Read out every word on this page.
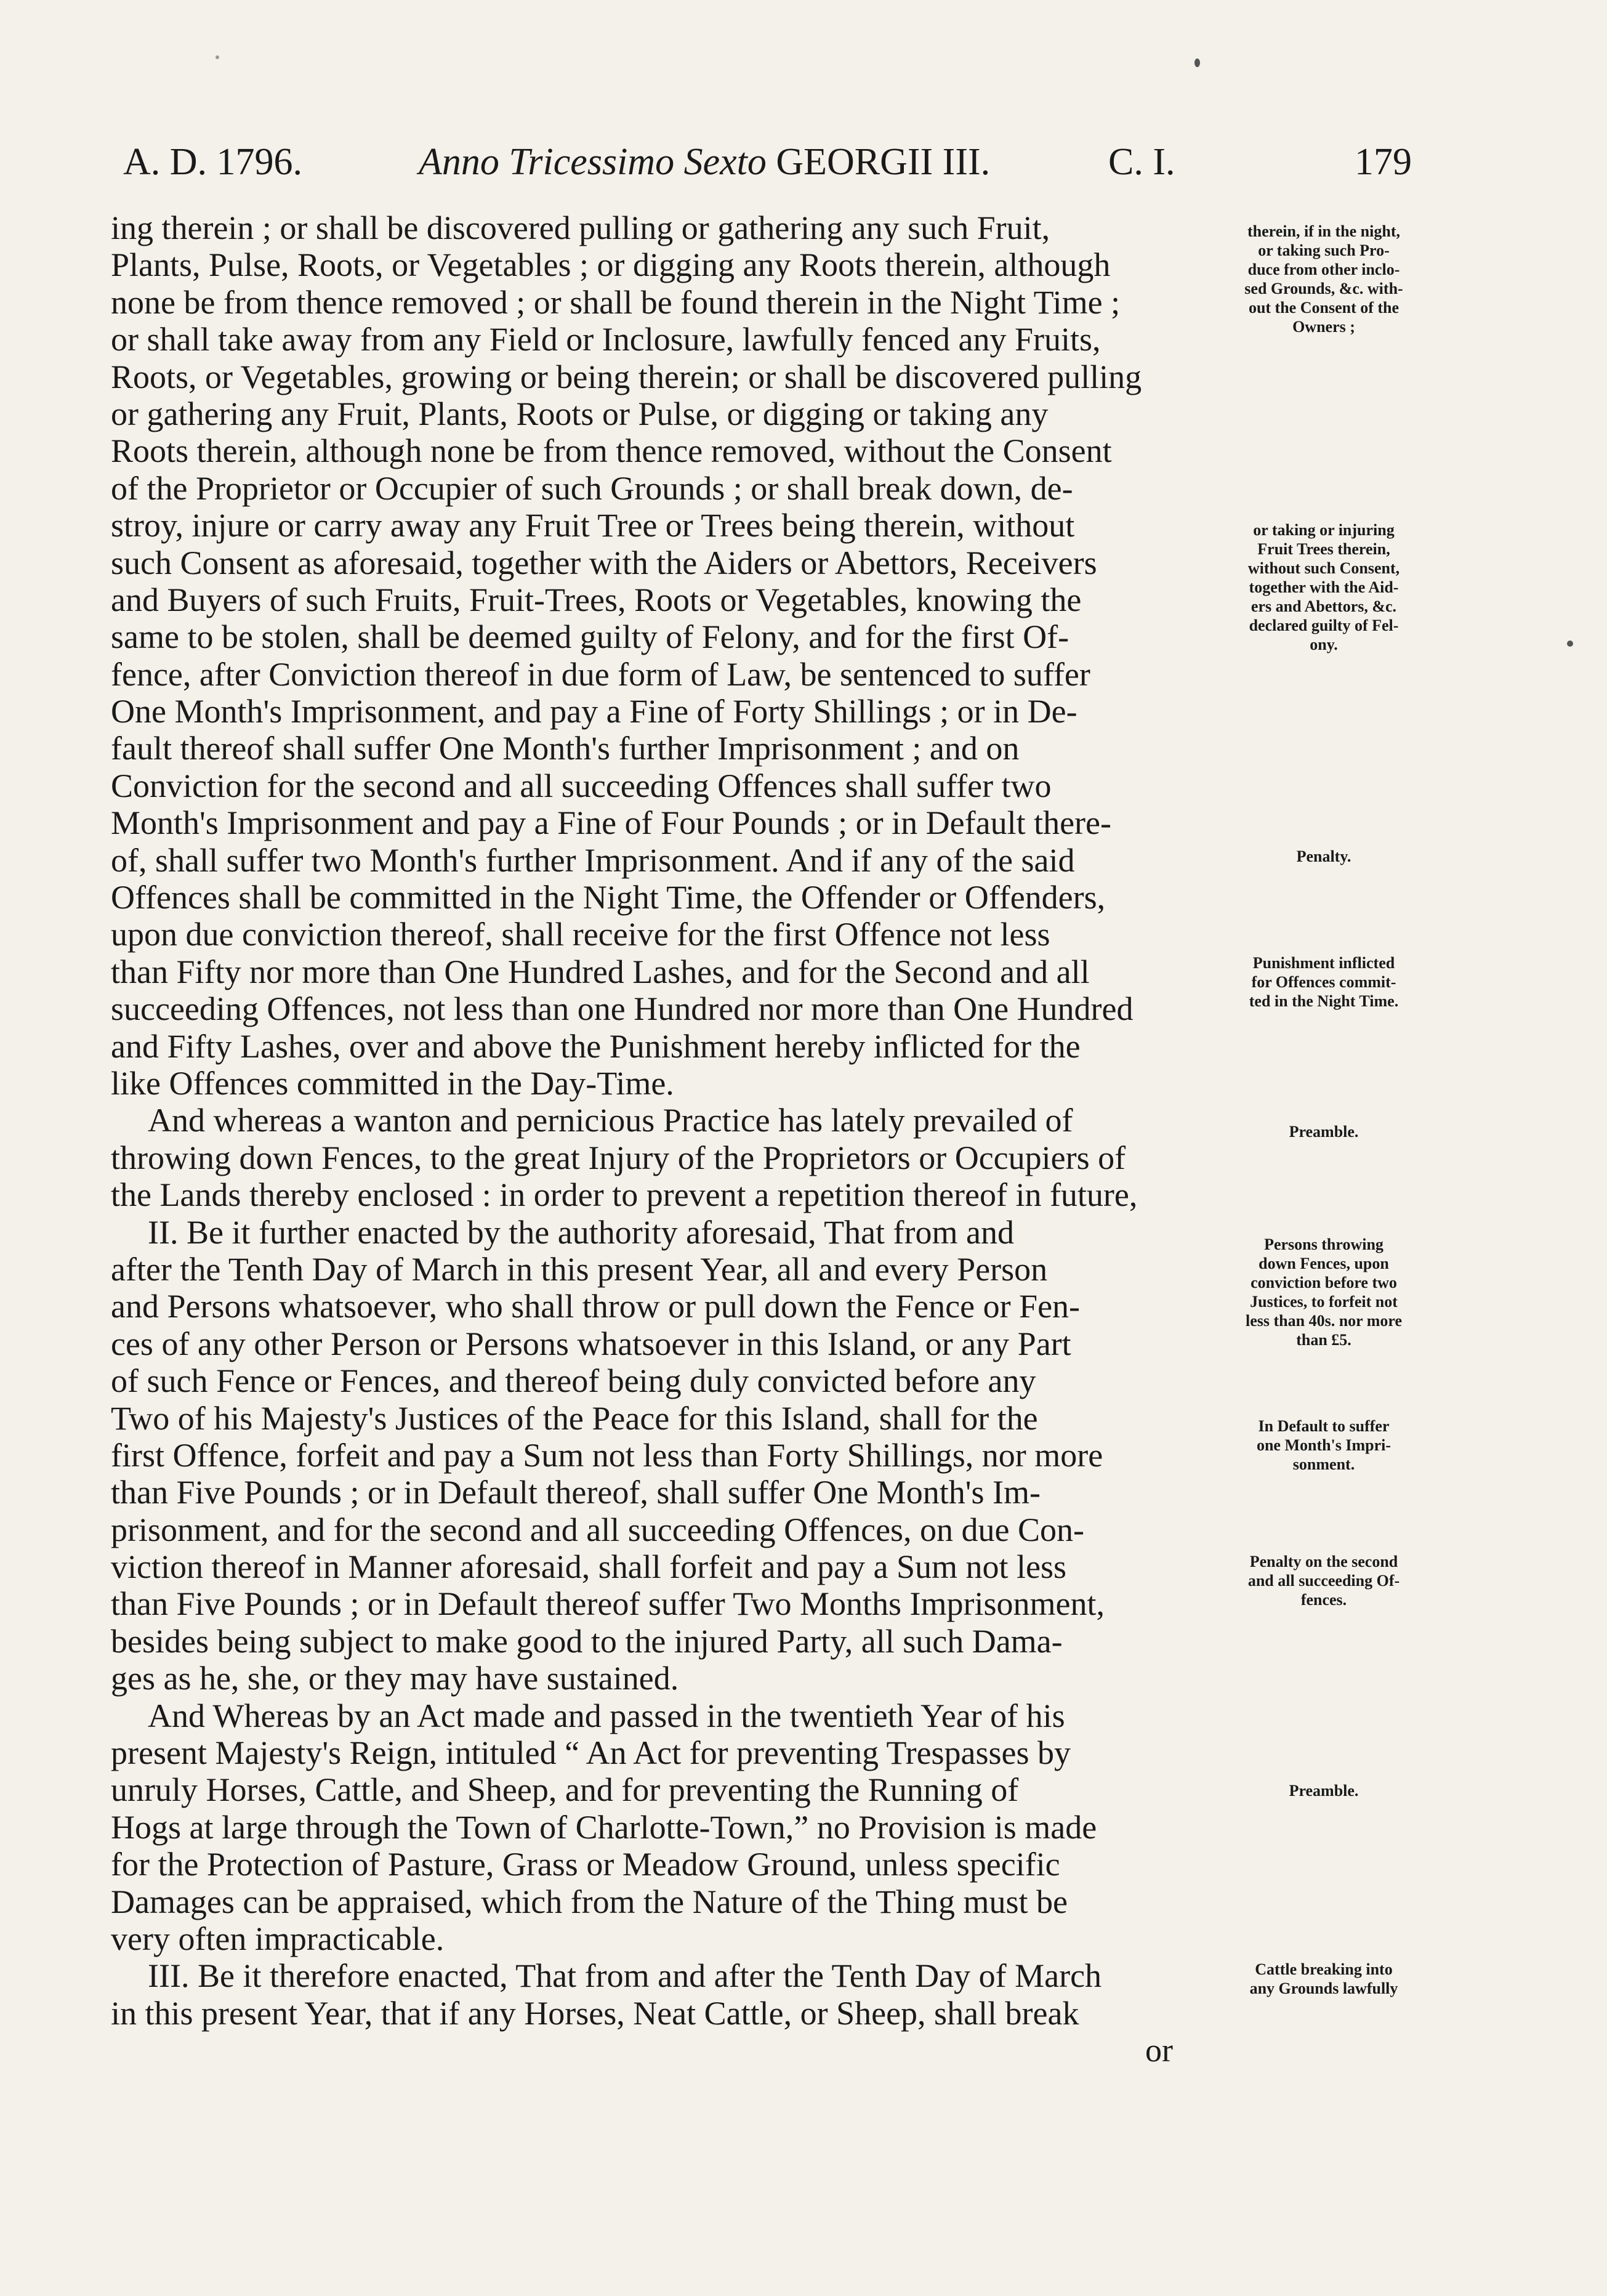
A. D. 1796.	Anno Tricessimo Sexto GEORGII III.	C. I.	179
ing therein ; or shall be discovered pulling or gathering any such Fruit,
Plants, Pulse, Roots, or Vegetables ; or digging any Roots therein, although
none be from thence removed ; or shall be found therein in the Night Time ;
or shall take away from any Field or Inclosure, lawfully fenced any Fruits,
Roots, or Vegetables, growing or being therein; or shall be discovered pulling
or gathering any Fruit, Plants, Roots or Pulse, or digging or taking any
Roots therein, although none be from thence removed, without the Consent
of the Proprietor or Occupier of such Grounds ; or shall break down, de-
stroy, injure or carry away any Fruit Tree or Trees being therein, without
such Consent as aforesaid, together with the Aiders or Abettors, Receivers
and Buyers of such Fruits, Fruit-Trees, Roots or Vegetables, knowing the
same to be stolen, shall be deemed guilty of Felony, and for the first Of-
fence, after Conviction thereof in due form of Law, be sentenced to suffer
One Month's Imprisonment, and pay a Fine of Forty Shillings ; or in De-
fault thereof shall suffer One Month's further Imprisonment ; and on
Conviction for the second and all succeeding Offences shall suffer two
Month's Imprisonment and pay a Fine of Four Pounds ; or in Default there-
of, shall suffer two Month's further Imprisonment. And if any of the said
Offences shall be committed in the Night Time, the Offender or Offenders,
upon due conviction thereof, shall receive for the first Offence not less
than Fifty nor more than One Hundred Lashes, and for the Second and all
succeeding Offences, not less than one Hundred nor more than One Hundred
and Fifty Lashes, over and above the Punishment hereby inflicted for the
like Offences committed in the Day-Time.
And whereas a wanton and pernicious Practice has lately prevailed of
throwing down Fences, to the great Injury of the Proprietors or Occupiers of
the Lands thereby enclosed : in order to prevent a repetition thereof in future,
II. Be it further enacted by the authority aforesaid, That from and
after the Tenth Day of March in this present Year, all and every Person
and Persons whatsoever, who shall throw or pull down the Fence or Fen-
ces of any other Person or Persons whatsoever in this Island, or any Part
of such Fence or Fences, and thereof being duly convicted before any
Two of his Majesty's Justices of the Peace for this Island, shall for the
first Offence, forfeit and pay a Sum not less than Forty Shillings, nor more
than Five Pounds ; or in Default thereof, shall suffer One Month's Im-
prisonment, and for the second and all succeeding Offences, on due Con-
viction thereof in Manner aforesaid, shall forfeit and pay a Sum not less
than Five Pounds ; or in Default thereof suffer Two Months Imprisonment,
besides being subject to make good to the injured Party, all such Dama-
ges as he, she, or they may have sustained.
And Whereas by an Act made and passed in the twentieth Year of his
present Majesty's Reign, intituled “ An Act for preventing Trespasses by
unruly Horses, Cattle, and Sheep, and for preventing the Running of
Hogs at large through the Town of Charlotte-Town,” no Provision is made
for the Protection of Pasture, Grass or Meadow Ground, unless specific
Damages can be appraised, which from the Nature of the Thing must be
very often impracticable.
III. Be it therefore enacted, That from and after the Tenth Day of March
in this present Year, that if any Horses, Neat Cattle, or Sheep, shall break
or
therein, if in the night,
or taking such Pro-
duce from other inclo-
sed Grounds, &c. with-
out the Consent of the
Owners ;
or taking or injuring
Fruit Trees therein,
without such Consent,
together with the Aid-
ers and Abettors, &c.
declared guilty of Fel-
ony.
Penalty.
Punishment inflicted
for Offences commit-
ted in the Night Time.
Preamble.
Persons throwing
down Fences, upon
conviction before two
Justices, to forfeit not
less than 40s. nor more
than £5.
In Default to suffer
one Month's Impri-
sonment.
Penalty on the second
and all succeeding Of-
fences.
Preamble.
Cattle breaking into
any Grounds lawfully
